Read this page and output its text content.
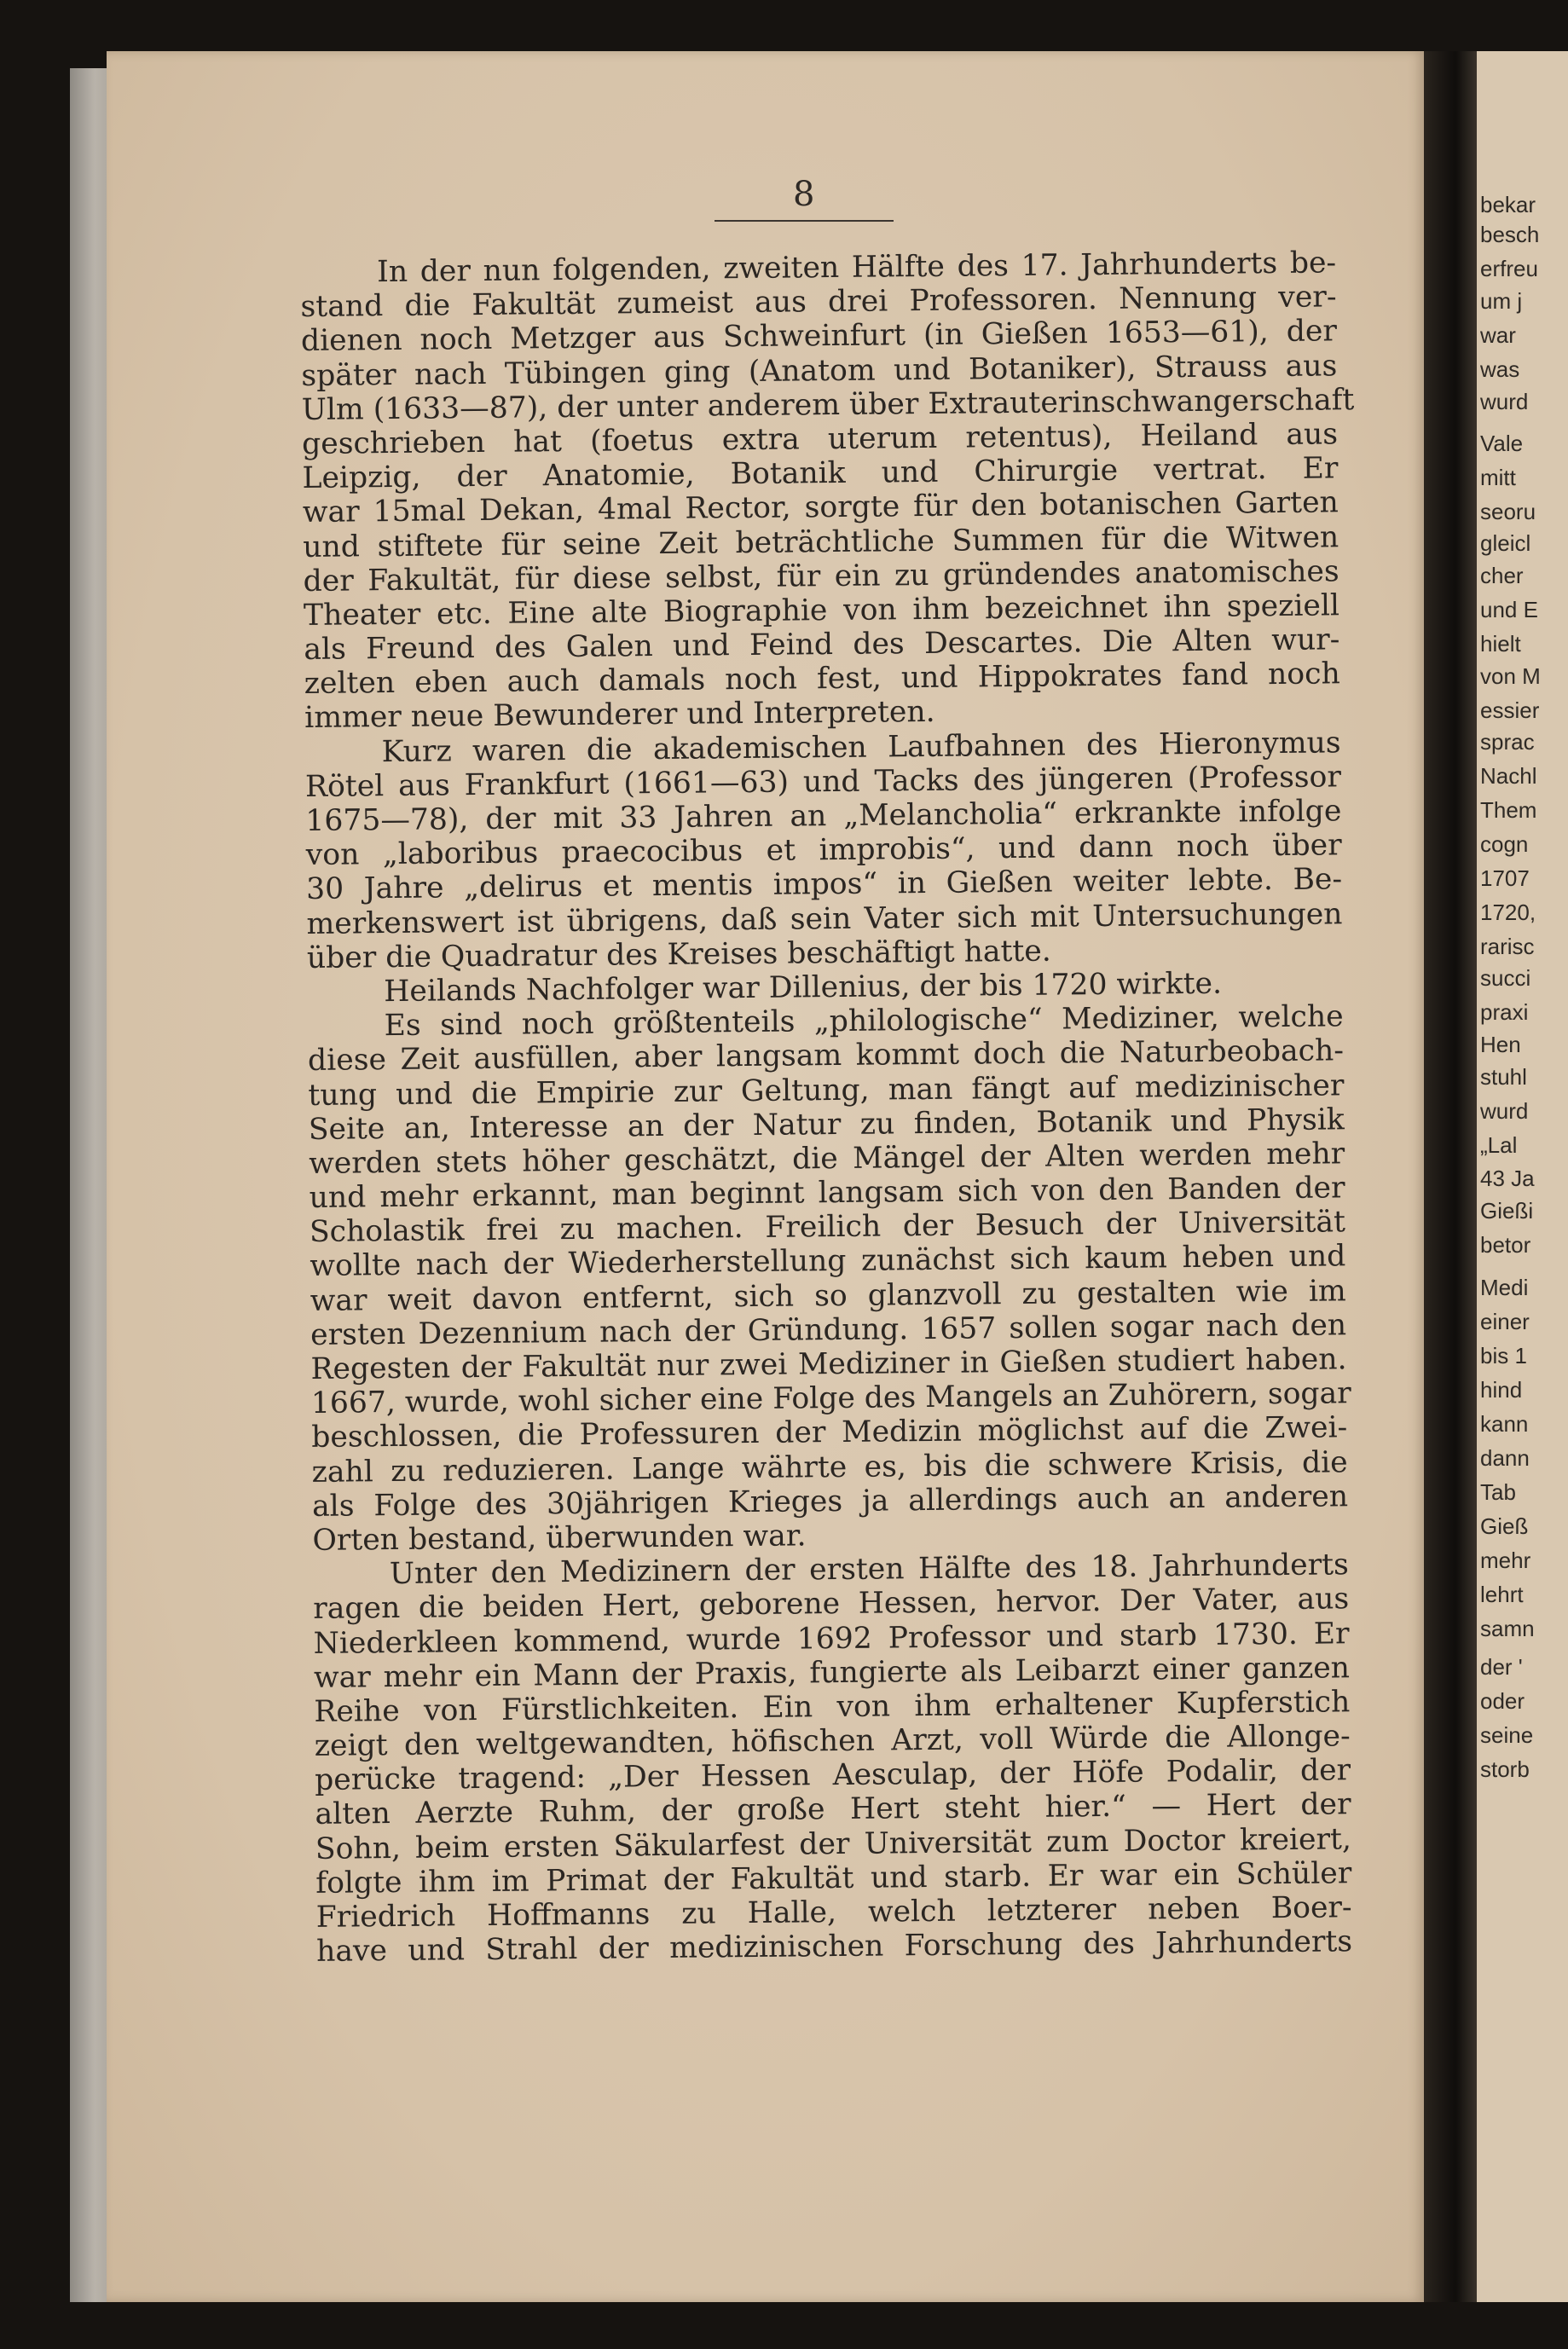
bekar
besch
erfreu
um j
war
was
wurd
Vale
mitt
seoru
gleicl
cher
und E
hielt
von M
essier
sprac
Nachl
Them
cogn
1707
1720,
rarisc
succi
praxi
Hen
stuhl
wurd
„Lal
43 Ja
Gießi
betor
Medi
einer
bis 1
hind
kann
dann
Tab
Gieß
mehr
lehrt
samn
der '
oder
seine
storb
8
In der nun folgenden, zweiten Hälfte des 17. Jahrhunderts be-
stand die Fakultät zumeist aus drei Professoren. Nennung ver-
dienen noch Metzger aus Schweinfurt (in Gießen 1653—61), der
später nach Tübingen ging (Anatom und Botaniker), Strauss aus
Ulm (1633—87), der unter anderem über Extrauterinschwangerschaft
geschrieben hat (foetus extra uterum retentus), Heiland aus
Leipzig, der Anatomie, Botanik und Chirurgie vertrat. Er
war 15mal Dekan, 4mal Rector, sorgte für den botanischen Garten
und stiftete für seine Zeit beträchtliche Summen für die Witwen
der Fakultät, für diese selbst, für ein zu gründendes anatomisches
Theater etc. Eine alte Biographie von ihm bezeichnet ihn speziell
als Freund des Galen und Feind des Descartes. Die Alten wur-
zelten eben auch damals noch fest, und Hippokrates fand noch
immer neue Bewunderer und Interpreten.
Kurz waren die akademischen Laufbahnen des Hieronymus
Rötel aus Frankfurt (1661—63) und Tacks des jüngeren (Professor
1675—78), der mit 33 Jahren an „Melancholia“ erkrankte infolge
von „laboribus praecocibus et improbis“, und dann noch über
30 Jahre „delirus et mentis impos“ in Gießen weiter lebte. Be-
merkenswert ist übrigens, daß sein Vater sich mit Untersuchungen
über die Quadratur des Kreises beschäftigt hatte.
Heilands Nachfolger war Dillenius, der bis 1720 wirkte.
Es sind noch größtenteils „philologische“ Mediziner, welche
diese Zeit ausfüllen, aber langsam kommt doch die Naturbeobach-
tung und die Empirie zur Geltung, man fängt auf medizinischer
Seite an, Interesse an der Natur zu finden, Botanik und Physik
werden stets höher geschätzt, die Mängel der Alten werden mehr
und mehr erkannt, man beginnt langsam sich von den Banden der
Scholastik frei zu machen. Freilich der Besuch der Universität
wollte nach der Wiederherstellung zunächst sich kaum heben und
war weit davon entfernt, sich so glanzvoll zu gestalten wie im
ersten Dezennium nach der Gründung. 1657 sollen sogar nach den
Regesten der Fakultät nur zwei Mediziner in Gießen studiert haben.
1667, wurde, wohl sicher eine Folge des Mangels an Zuhörern, sogar
beschlossen, die Professuren der Medizin möglichst auf die Zwei-
zahl zu reduzieren. Lange währte es, bis die schwere Krisis, die
als Folge des 30jährigen Krieges ja allerdings auch an anderen
Orten bestand, überwunden war.
Unter den Medizinern der ersten Hälfte des 18. Jahrhunderts
ragen die beiden Hert, geborene Hessen, hervor. Der Vater, aus
Niederkleen kommend, wurde 1692 Professor und starb 1730. Er
war mehr ein Mann der Praxis, fungierte als Leibarzt einer ganzen
Reihe von Fürstlichkeiten. Ein von ihm erhaltener Kupferstich
zeigt den weltgewandten, höfischen Arzt, voll Würde die Allonge-
perücke tragend: „Der Hessen Aesculap, der Höfe Podalir, der
alten Aerzte Ruhm, der große Hert steht hier.“ — Hert der
Sohn, beim ersten Säkularfest der Universität zum Doctor kreiert,
folgte ihm im Primat der Fakultät und starb. Er war ein Schüler
Friedrich Hoffmanns zu Halle, welch letzterer neben Boer-
have und Strahl der medizinischen Forschung des Jahrhunderts
